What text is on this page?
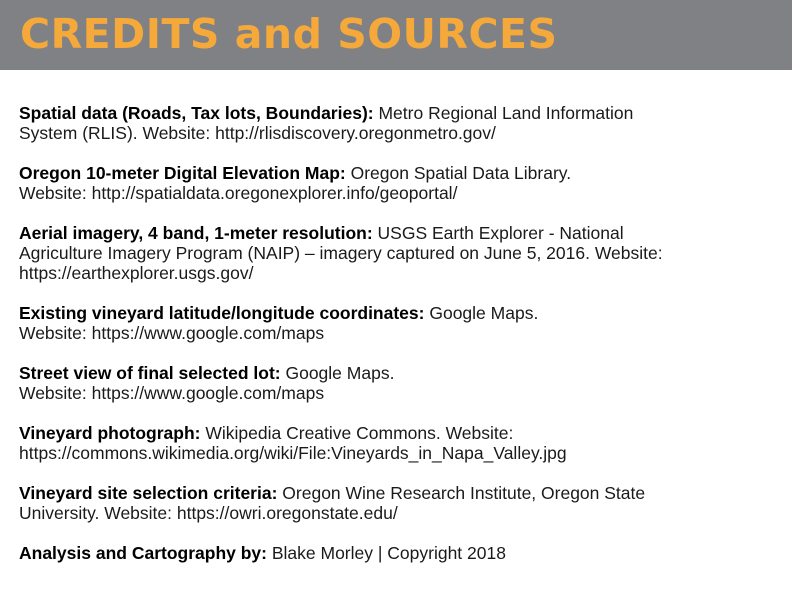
CREDITS and SOURCES
Spatial data (Roads, Tax lots, Boundaries): Metro Regional Land Information
System (RLIS). Website: http://rlisdiscovery.oregonmetro.gov/
Oregon 10-meter Digital Elevation Map: Oregon Spatial Data Library.
Website: http://spatialdata.oregonexplorer.info/geoportal/
Aerial imagery, 4 band, 1-meter resolution: USGS Earth Explorer - National
Agriculture Imagery Program (NAIP) – imagery captured on June 5, 2016. Website:
https://earthexplorer.usgs.gov/
Existing vineyard latitude/longitude coordinates: Google Maps.
Website: https://www.google.com/maps
Street view of final selected lot: Google Maps.
Website: https://www.google.com/maps
Vineyard photograph: Wikipedia Creative Commons. Website:
https://commons.wikimedia.org/wiki/File:Vineyards_in_Napa_Valley.jpg
Vineyard site selection criteria: Oregon Wine Research Institute, Oregon State
University. Website: https://owri.oregonstate.edu/
Analysis and Cartography by: Blake Morley | Copyright 2018
